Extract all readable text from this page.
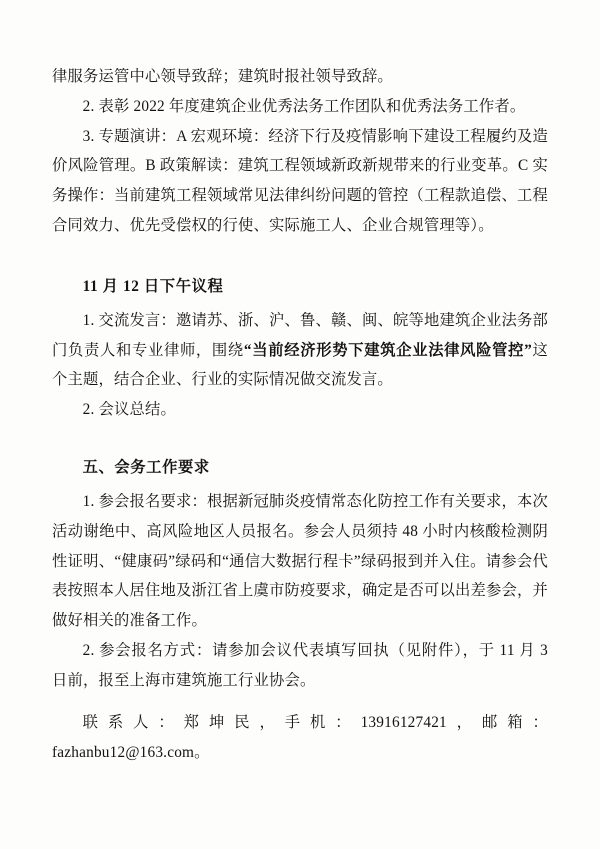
律服务运管中心领导致辞；建筑时报社领导致辞。

2. 表彰 2022 年度建筑企业优秀法务工作团队和优秀法务工作者。

3. 专题演讲：A 宏观环境：经济下行及疫情影响下建设工程履约及造价风险管理。B 政策解读：建筑工程领域新政新规带来的行业变革。C 实务操作：当前建筑工程领域常见法律纠纷问题的管控（工程款追偿、工程合同效力、优先受偿权的行使、实际施工人、企业合规管理等）。

11 月 12 日下午议程

1. 交流发言：邀请苏、浙、沪、鲁、赣、闽、皖等地建筑企业法务部门负责人和专业律师，围绕“当前经济形势下建筑企业法律风险管控”这个主题，结合企业、行业的实际情况做交流发言。

2. 会议总结。

五、会务工作要求

1. 参会报名要求：根据新冠肺炎疫情常态化防控工作有关要求，本次活动谢绝中、高风险地区人员报名。参会人员须持 48 小时内核酸检测阴性证明、“健康码”绿码和“通信大数据行程卡”绿码报到并入住。请参会代表按照本人居住地及浙江省上虞市防疫要求，确定是否可以出差参会，并做好相关的准备工作。

2. 参会报名方式：请参加会议代表填写回执（见附件），于 11 月 3 日前，报至上海市建筑施工行业协会。

联系人：郑坤民，手机：13916127421，邮箱：fazhanbu12@163.com。
